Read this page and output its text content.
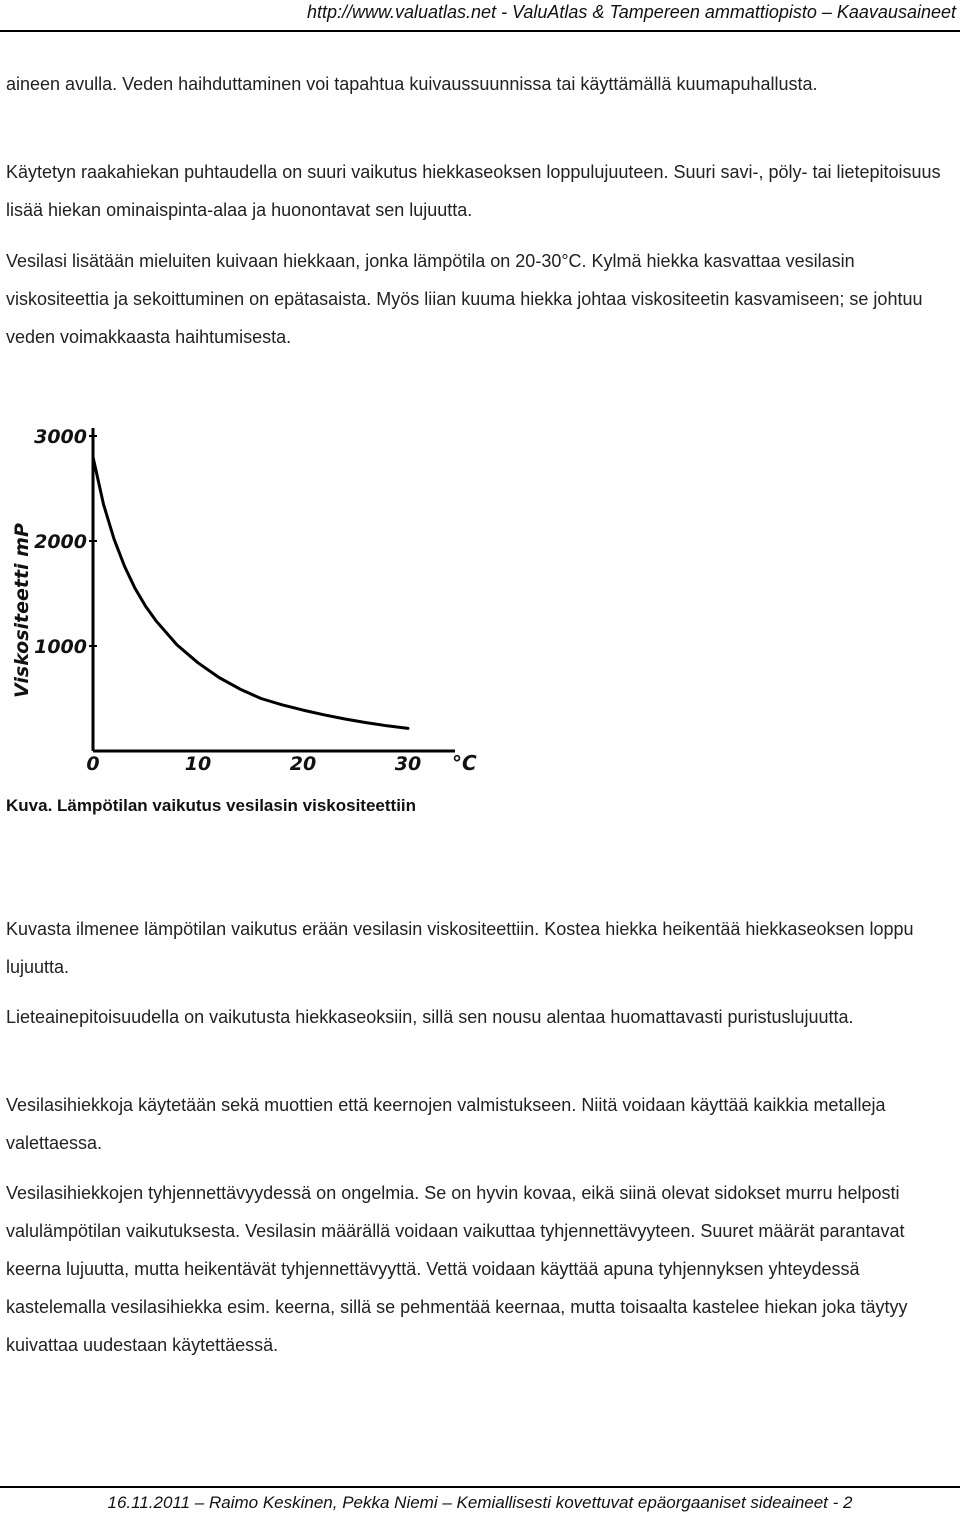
http://www.valuatlas.net - ValuAtlas & Tampereen ammattiopisto – Kaavausaineet

aineen avulla. Veden haihduttaminen voi tapahtua kuivaussuunnissa tai käyttämällä kuumapuhallusta.

Käytetyn raakahiekan puhtaudella on suuri vaikutus hiekkaseoksen loppulujuuteen. Suuri savi-, pöly- tai lietepitoisuus lisää hiekan ominaispinta-alaa ja huonontavat sen lujuutta.

Vesilasi lisätään mieluiten kuivaan hiekkaan, jonka lämpötila on 20-30°C. Kylmä hiekka kasvattaa vesilasin viskositeettia ja sekoittuminen on epätasaista. Myös liian kuuma hiekka johtaa viskositeetin kasvamiseen; se johtuu veden voimakkaasta haihtumisesta.

1000
2000
3000
0	10	20	30 °C
Viskositeetti mP
Kuva. Lämpötilan vaikutus vesilasin viskositeettiin

Kuvasta ilmenee lämpötilan vaikutus erään vesilasin viskositeettiin. Kostea hiekka heikentää hiekkaseoksen loppu lujuutta.

Lieteainepitoisuudella on vaikutusta hiekkaseoksiin, sillä sen nousu alentaa huomattavasti puristuslujuutta.

Vesilasihiekkoja käytetään sekä muottien että keernojen valmistukseen. Niitä voidaan käyttää kaikkia metalleja valettaessa.

Vesilasihiekkojen tyhjennettävyydessä on ongelmia. Se on hyvin kovaa, eikä siinä olevat sidokset murru helposti valulämpötilan vaikutuksesta. Vesilasin määrällä voidaan vaikuttaa tyhjennettävyyteen. Suuret määrät parantavat keerna lujuutta, mutta heikentävät tyhjennettävyyttä. Vettä voidaan käyttää apuna tyhjennyksen yhteydessä kastelemalla vesilasihiekka esim. keerna, sillä se pehmentää keernaa, mutta toisaalta kastelee hiekan joka täytyy kuivattaa uudestaan käytettäessä.

16.11.2011 – Raimo Keskinen, Pekka Niemi – Kemiallisesti kovettuvat epäorgaaniset sideaineet - 2
